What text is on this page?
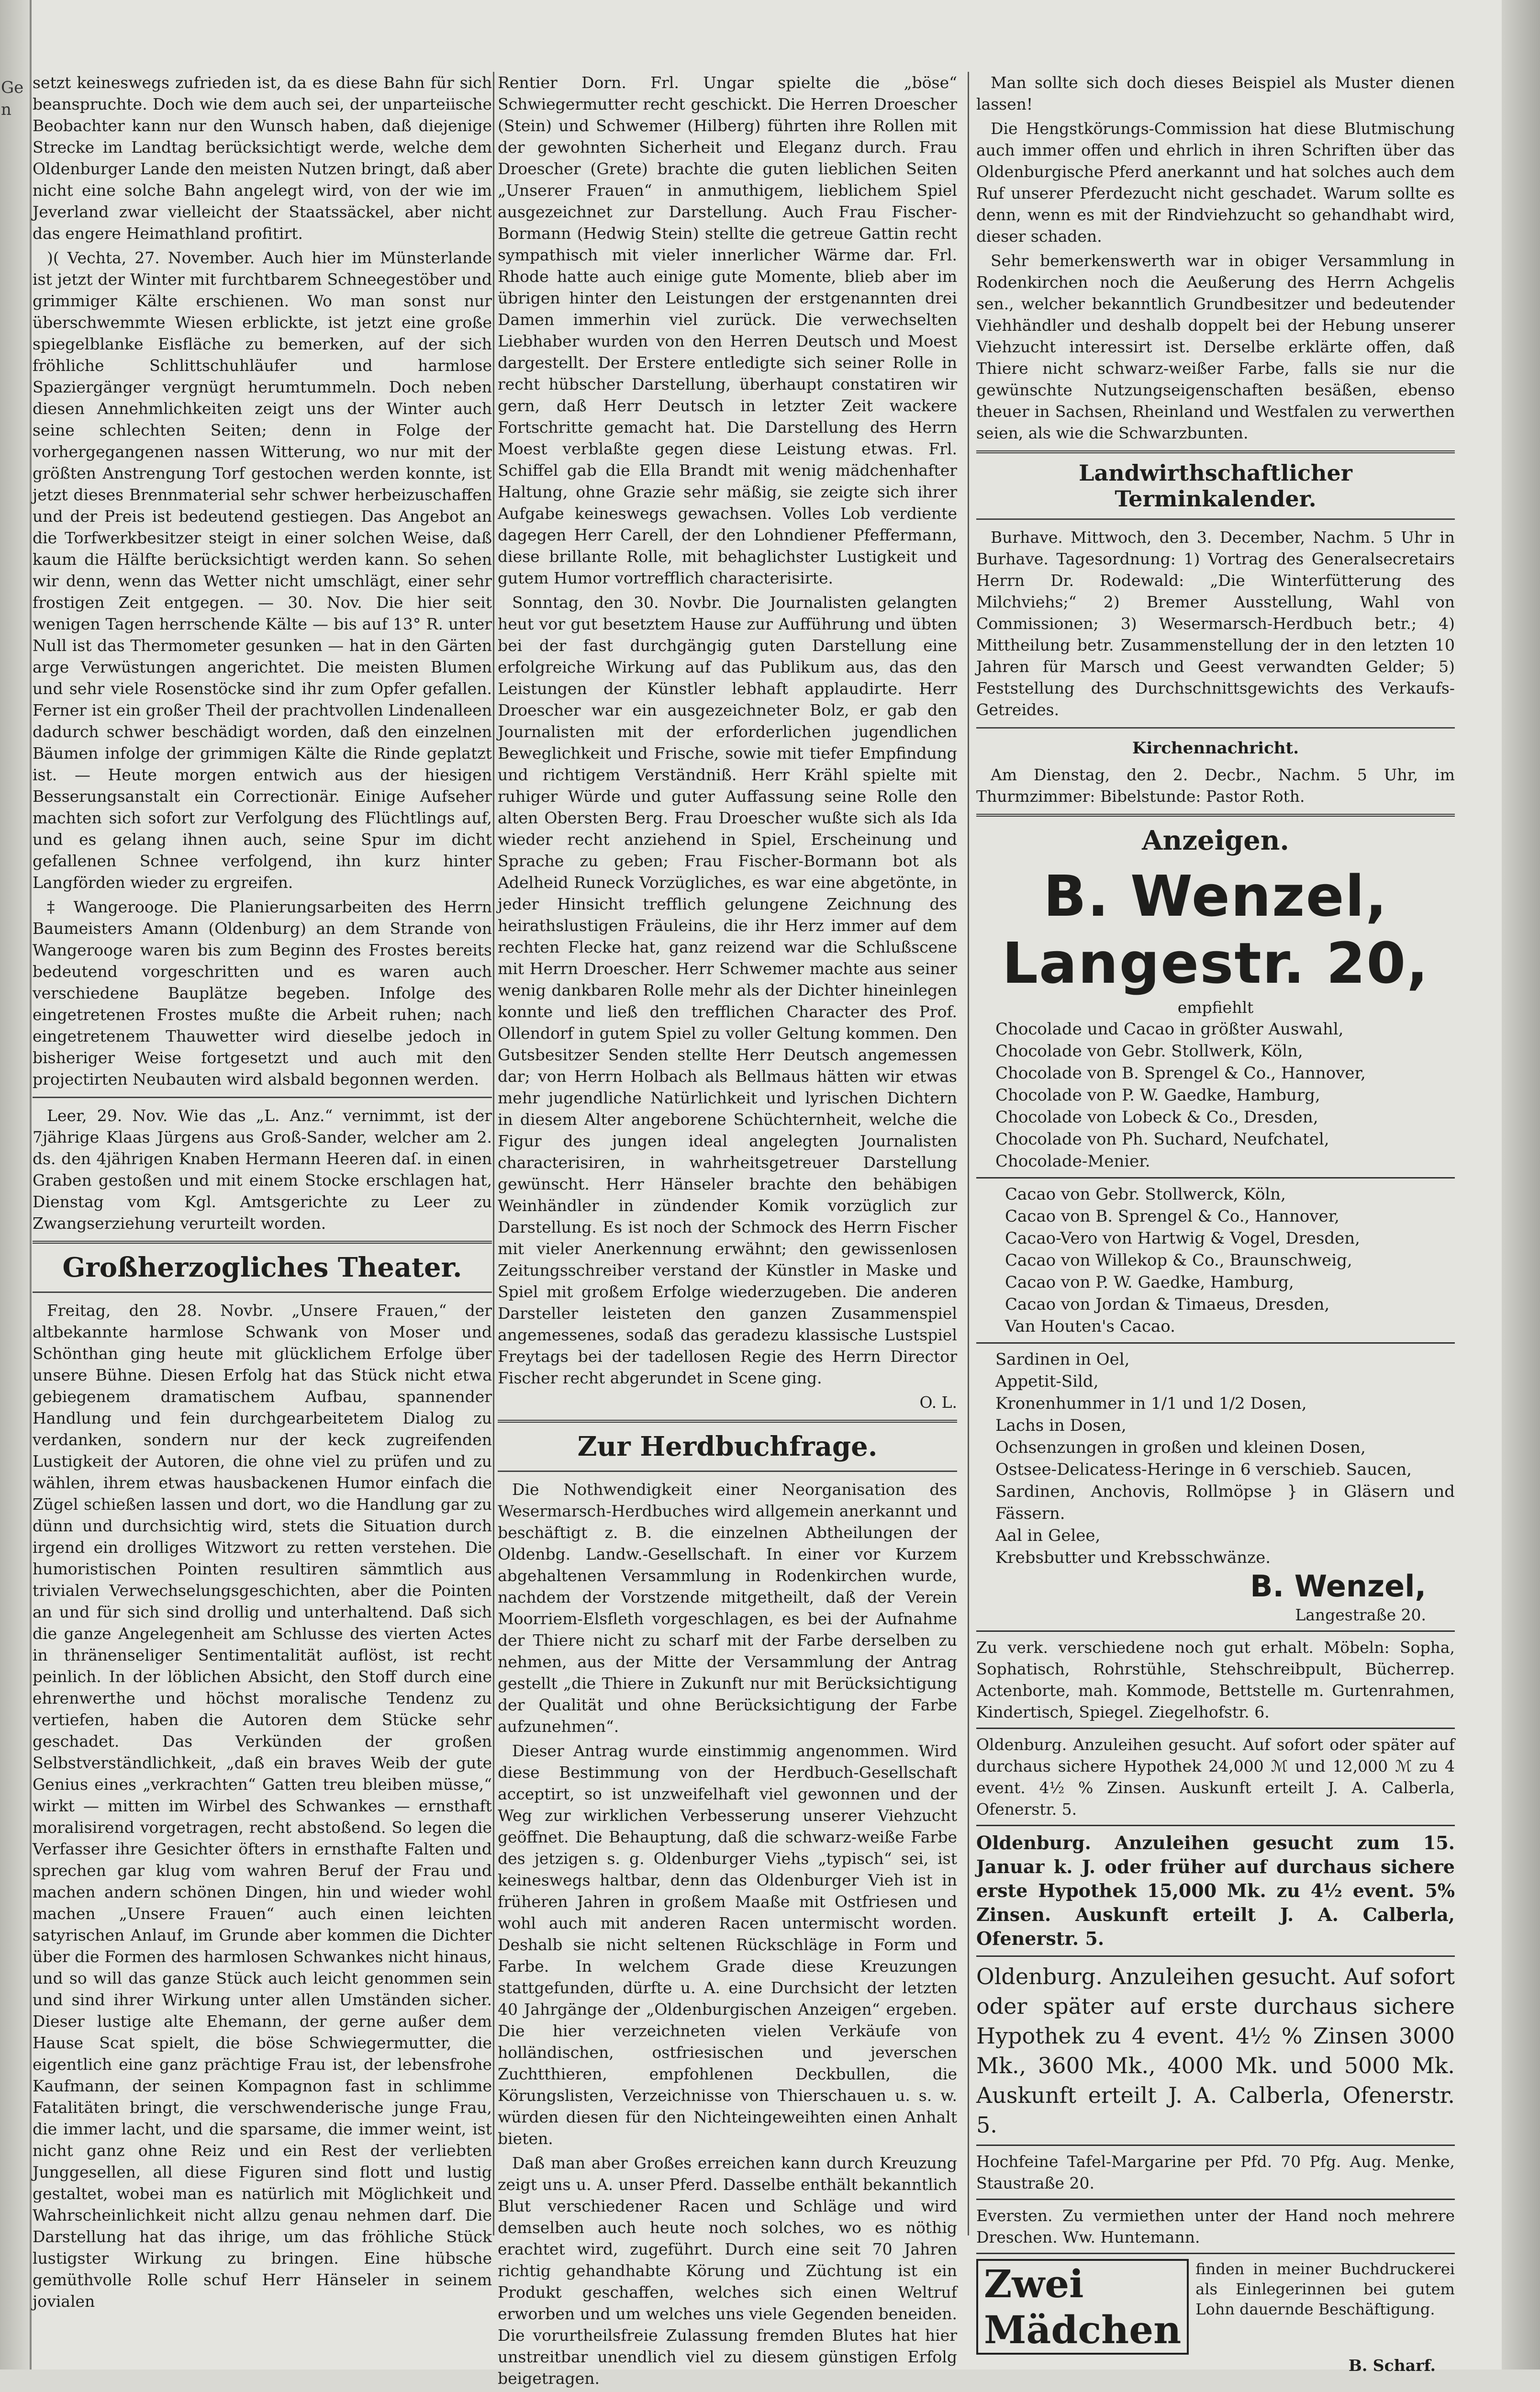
Gen

setzt keineswegs zufrieden ist, da es diese Bahn für sich beanspruchte. Doch wie dem auch sei, der unparteiische Beobachter kann nur den Wunsch haben, daß diejenige Strecke im Landtag berücksichtigt werde, welche dem Oldenburger Lande den meisten Nutzen bringt, daß aber nicht eine solche Bahn angelegt wird, von der wie im Jeverland zwar vielleicht der Staatssäckel, aber nicht das engere Heimathland profitirt.

)( Vechta, 27. November. Auch hier im Münsterlande ist jetzt der Winter mit furchtbarem Schneegestöber und grimmiger Kälte erschienen. Wo man sonst nur überschwemmte Wiesen erblickte, ist jetzt eine große spiegelblanke Eisfläche zu bemerken, auf der sich fröhliche Schlittschuhläufer und harmlose Spaziergänger vergnügt herumtummeln. Doch neben diesen Annehmlichkeiten zeigt uns der Winter auch seine schlechten Seiten; denn in Folge der vorhergegangenen nassen Witterung, wo nur mit der größten Anstrengung Torf gestochen werden konnte, ist jetzt dieses Brennmaterial sehr schwer herbeizuschaffen und der Preis ist bedeutend gestiegen. Das Angebot an die Torfwerkbesitzer steigt in einer solchen Weise, daß kaum die Hälfte berücksichtigt werden kann. So sehen wir denn, wenn das Wetter nicht umschlägt, einer sehr frostigen Zeit entgegen. — 30. Nov. Die hier seit wenigen Tagen herrschende Kälte — bis auf 13° R. unter Null ist das Thermometer gesunken — hat in den Gärten arge Verwüstungen angerichtet. Die meisten Blumen und sehr viele Rosenstöcke sind ihr zum Opfer gefallen. Ferner ist ein großer Theil der prachtvollen Lindenalleen dadurch schwer beschädigt worden, daß den einzelnen Bäumen infolge der grimmigen Kälte die Rinde geplatzt ist. — Heute morgen entwich aus der hiesigen Besserungsanstalt ein Correctionär. Einige Aufseher machten sich sofort zur Verfolgung des Flüchtlings auf, und es gelang ihnen auch, seine Spur im dicht gefallenen Schnee verfolgend, ihn kurz hinter Langförden wieder zu ergreifen.

‡ Wangerooge. Die Planierungsarbeiten des Herrn Baumeisters Amann (Oldenburg) an dem Strande von Wangerooge waren bis zum Beginn des Frostes bereits bedeutend vorgeschritten und es waren auch verschiedene Bauplätze begeben. Infolge des eingetretenen Frostes mußte die Arbeit ruhen; nach eingetretenem Thauwetter wird dieselbe jedoch in bisheriger Weise fortgesetzt und auch mit den projectirten Neubauten wird alsbald begonnen werden.

Leer, 29. Nov. Wie das „L. Anz.“ vernimmt, ist der 7jährige Klaas Jürgens aus Groß-Sander, welcher am 2. ds. den 4jährigen Knaben Hermann Heeren daſ. in einen Graben gestoßen und mit einem Stocke erschlagen hat, Dienstag vom Kgl. Amtsgerichte zu Leer zu Zwangserziehung verurteilt worden.

Großherzogliches Theater.

Freitag, den 28. Novbr. „Unsere Frauen,“ der altbekannte harmlose Schwank von Moser und Schönthan ging heute mit glücklichem Erfolge über unsere Bühne. Diesen Erfolg hat das Stück nicht etwa gebiegenem dramatischem Aufbau, spannender Handlung und fein durchgearbeitetem Dialog zu verdanken, sondern nur der keck zugreifenden Lustigkeit der Autoren, die ohne viel zu prüfen und zu wählen, ihrem etwas hausbackenen Humor einfach die Zügel schießen lassen und dort, wo die Handlung gar zu dünn und durchsichtig wird, stets die Situation durch irgend ein drolliges Witzwort zu retten verstehen. Die humoristischen Pointen resultiren sämmtlich aus trivialen Verwechselungsgeschichten, aber die Pointen an und für sich sind drollig und unterhaltend. Daß sich die ganze Angelegenheit am Schlusse des vierten Actes in thränenseliger Sentimentalität auflöst, ist recht peinlich. In der löblichen Absicht, den Stoff durch eine ehrenwerthe und höchst moralische Tendenz zu vertiefen, haben die Autoren dem Stücke sehr geschadet. Das Verkünden der großen Selbstverständlichkeit, „daß ein braves Weib der gute Genius eines „verkrachten“ Gatten treu bleiben müsse,“ wirkt — mitten im Wirbel des Schwankes — ernsthaft moralisirend vorgetragen, recht abstoßend. So legen die Verfasser ihre Gesichter öfters in ernsthafte Falten und sprechen gar klug vom wahren Beruf der Frau und machen andern schönen Dingen, hin und wieder wohl machen „Unsere Frauen“ auch einen leichten satyrischen Anlauf, im Grunde aber kommen die Dichter über die Formen des harmlosen Schwankes nicht hinaus, und so will das ganze Stück auch leicht genommen sein und sind ihrer Wirkung unter allen Umständen sicher. Dieser lustige alte Ehemann, der gerne außer dem Hause Scat spielt, die böse Schwiegermutter, die eigentlich eine ganz prächtige Frau ist, der lebensfrohe Kaufmann, der seinen Kompagnon fast in schlimme Fatalitäten bringt, die verschwenderische junge Frau, die immer lacht, und die sparsame, die immer weint, ist nicht ganz ohne Reiz und ein Rest der verliebten Junggesellen, all diese Figuren sind flott und lustig gestaltet, wobei man es natürlich mit Möglichkeit und Wahrscheinlichkeit nicht allzu genau nehmen darf. Die Darstellung hat das ihrige, um das fröhliche Stück lustigster Wirkung zu bringen. Eine hübsche gemüthvolle Rolle schuf Herr Hänseler in seinem jovialen

Rentier Dorn. Frl. Ungar spielte die „böse“ Schwiegermutter recht geschickt. Die Herren Droescher (Stein) und Schwemer (Hilberg) führten ihre Rollen mit der gewohnten Sicherheit und Eleganz durch. Frau Droescher (Grete) brachte die guten lieblichen Seiten „Unserer Frauen“ in anmuthigem, lieblichem Spiel ausgezeichnet zur Darstellung. Auch Frau Fischer-Bormann (Hedwig Stein) stellte die getreue Gattin recht sympathisch mit vieler innerlicher Wärme dar. Frl. Rhode hatte auch einige gute Momente, blieb aber im übrigen hinter den Leistungen der erstgenannten drei Damen immerhin viel zurück. Die verwechselten Liebhaber wurden von den Herren Deutsch und Moest dargestellt. Der Erstere entledigte sich seiner Rolle in recht hübscher Darstellung, überhaupt constatiren wir gern, daß Herr Deutsch in letzter Zeit wackere Fortschritte gemacht hat. Die Darstellung des Herrn Moest verblaßte gegen diese Leistung etwas. Frl. Schiffel gab die Ella Brandt mit wenig mädchenhafter Haltung, ohne Grazie sehr mäßig, sie zeigte sich ihrer Aufgabe keineswegs gewachsen. Volles Lob verdiente dagegen Herr Carell, der den Lohndiener Pfeffermann, diese brillante Rolle, mit behaglichster Lustigkeit und gutem Humor vortrefflich characterisirte.

Sonntag, den 30. Novbr. Die Journalisten gelangten heut vor gut besetztem Hause zur Aufführung und übten bei der fast durchgängig guten Darstellung eine erfolgreiche Wirkung auf das Publikum aus, das den Leistungen der Künstler lebhaft applaudirte. Herr Droescher war ein ausgezeichneter Bolz, er gab den Journalisten mit der erforderlichen jugendlichen Beweglichkeit und Frische, sowie mit tiefer Empfindung und richtigem Verständniß. Herr Krähl spielte mit ruhiger Würde und guter Auffassung seine Rolle den alten Obersten Berg. Frau Droescher wußte sich als Ida wieder recht anziehend in Spiel, Erscheinung und Sprache zu geben; Frau Fischer-Bormann bot als Adelheid Runeck Vorzügliches, es war eine abgetönte, in jeder Hinsicht trefflich gelungene Zeichnung des heirathslustigen Fräuleins, die ihr Herz immer auf dem rechten Flecke hat, ganz reizend war die Schlußscene mit Herrn Droescher. Herr Schwemer machte aus seiner wenig dankbaren Rolle mehr als der Dichter hineinlegen konnte und ließ den trefflichen Character des Prof. Ollendorf in gutem Spiel zu voller Geltung kommen. Den Gutsbesitzer Senden stellte Herr Deutsch angemessen dar; von Herrn Holbach als Bellmaus hätten wir etwas mehr jugendliche Natürlichkeit und lyrischen Dichtern in diesem Alter angeborene Schüchternheit, welche die Figur des jungen ideal angelegten Journalisten characterisiren, in wahrheitsgetreuer Darstellung gewünscht. Herr Hänseler brachte den behäbigen Weinhändler in zündender Komik vorzüglich zur Darstellung. Es ist noch der Schmock des Herrn Fischer mit vieler Anerkennung erwähnt; den gewissenlosen Zeitungsschreiber verstand der Künstler in Maske und Spiel mit großem Erfolge wiederzugeben. Die anderen Darsteller leisteten den ganzen Zusammenspiel angemessenes, sodaß das geradezu klassische Lustspiel Freytags bei der tadellosen Regie des Herrn Director Fischer recht abgerundet in Scene ging.

O. L.
Zur Herdbuchfrage.

Die Nothwendigkeit einer Neorganisation des Wesermarsch-Herdbuches wird allgemein anerkannt und beschäftigt z. B. die einzelnen Abtheilungen der Oldenbg. Landw.-Gesellschaft. In einer vor Kurzem abgehaltenen Versammlung in Rodenkirchen wurde, nachdem der Vorstzende mitgetheilt, daß der Verein Moorriem-Elsfleth vorgeschlagen, es bei der Aufnahme der Thiere nicht zu scharf mit der Farbe derselben zu nehmen, aus der Mitte der Versammlung der Antrag gestellt „die Thiere in Zukunft nur mit Berücksichtigung der Qualität und ohne Berücksichtigung der Farbe aufzunehmen“.

Dieser Antrag wurde einstimmig angenommen. Wird diese Bestimmung von der Herdbuch-Gesellschaft acceptirt, so ist unzweifelhaft viel gewonnen und der Weg zur wirklichen Verbesserung unserer Viehzucht geöffnet. Die Behauptung, daß die schwarz-weiße Farbe des jetzigen s. g. Oldenburger Viehs „typisch“ sei, ist keineswegs haltbar, denn das Oldenburger Vieh ist in früheren Jahren in großem Maaße mit Ostfriesen und wohl auch mit anderen Racen untermischt worden. Deshalb sie nicht seltenen Rückschläge in Form und Farbe. In welchem Grade diese Kreuzungen stattgefunden, dürfte u. A. eine Durchsicht der letzten 40 Jahrgänge der „Oldenburgischen Anzeigen“ ergeben. Die hier verzeichneten vielen Verkäufe von holländischen, ostfriesischen und jeverschen Zuchtthieren, empfohlenen Deckbullen, die Körungslisten, Verzeichnisse von Thierschauen u. s. w. würden diesen für den Nichteingeweihten einen Anhalt bieten.

Daß man aber Großes erreichen kann durch Kreuzung zeigt uns u. A. unser Pferd. Dasselbe enthält bekanntlich Blut verschiedener Racen und Schläge und wird demselben auch heute noch solches, wo es nöthig erachtet wird, zugeführt. Durch eine seit 70 Jahren richtig gehandhabte Körung und Züchtung ist ein Produkt geschaffen, welches sich einen Weltruf erworben und um welches uns viele Gegenden beneiden. Die vorurtheilsfreie Zulassung fremden Blutes hat hier unstreitbar unendlich viel zu diesem günstigen Erfolg beigetragen.

Man sollte sich doch dieses Beispiel als Muster dienen lassen!

Die Hengstkörungs-Commission hat diese Blutmischung auch immer offen und ehrlich in ihren Schriften über das Oldenburgische Pferd anerkannt und hat solches auch dem Ruf unserer Pferdezucht nicht geschadet. Warum sollte es denn, wenn es mit der Rindviehzucht so gehandhabt wird, dieser schaden.

Sehr bemerkenswerth war in obiger Versammlung in Rodenkirchen noch die Aeußerung des Herrn Achgelis sen., welcher bekanntlich Grundbesitzer und bedeutender Viehhändler und deshalb doppelt bei der Hebung unserer Viehzucht interessirt ist. Derselbe erklärte offen, daß Thiere nicht schwarz-weißer Farbe, falls sie nur die gewünschte Nutzungseigenschaften besäßen, ebenso theuer in Sachsen, Rheinland und Westfalen zu verwerthen seien, als wie die Schwarzbunten.

Landwirthschaftlicher Terminkalender.

Burhave. Mittwoch, den 3. December, Nachm. 5 Uhr in Burhave. Tagesordnung: 1) Vortrag des Generalsecretairs Herrn Dr. Rodewald: „Die Winterfütterung des Milchviehs;“ 2) Bremer Ausstellung, Wahl von Commissionen; 3) Wesermarsch-Herdbuch betr.; 4) Mittheilung betr. Zusammenstellung der in den letzten 10 Jahren für Marsch und Geest verwandten Gelder; 5) Feststellung des Durchschnittsgewichts des Verkaufs-Getreides.

Kirchennachricht.

Am Dienstag, den 2. Decbr., Nachm. 5 Uhr, im Thurmzimmer: Bibelstunde: Pastor Roth.

Anzeigen.
B. Wenzel, Langestr. 20,
empfiehlt
Chocolade und Cacao in größter Auswahl,
Chocolade von Gebr. Stollwerk, Köln,
Chocolade von B. Sprengel & Co., Hannover,
Chocolade von P. W. Gaedke, Hamburg,
Chocolade von Lobeck & Co., Dresden,
Chocolade von Ph. Suchard, Neufchatel,
Chocolade-Menier.
Cacao von Gebr. Stollwerck, Köln,
Cacao von B. Sprengel & Co., Hannover,
Cacao-Vero von Hartwig & Vogel, Dresden,
Cacao von Willekop & Co., Braunschweig,
Cacao von P. W. Gaedke, Hamburg,
Cacao von Jordan & Timaeus, Dresden,
Van Houten's Cacao.
Sardinen in Oel,
Appetit-Sild,
Kronenhummer in 1/1 und 1/2 Dosen,
Lachs in Dosen,
Ochsenzungen in großen und kleinen Dosen,
Ostsee-Delicatess-Heringe in 6 verschieb. Saucen,
Sardinen, Anchovis, Rollmöpse } in Gläsern und Fässern.
Aal in Gelee,
Krebsbutter und Krebsschwänze.
B. Wenzel,
Langestraße 20.

Zu verk. verschiedene noch gut erhalt. Möbeln: Sopha, Sophatisch, Rohrstühle, Stehschreibpult, Bücherrep. Actenborte, mah. Kommode, Bettstelle m. Gurtenrahmen, Kindertisch, Spiegel. Ziegelhofstr. 6.

Oldenburg. Anzuleihen gesucht. Auf sofort oder später auf durchaus sichere Hypothek 24,000 ℳ und 12,000 ℳ zu 4 event. 4½ % Zinsen. Auskunft erteilt J. A. Calberla, Ofenerstr. 5.

Oldenburg. Anzuleihen gesucht zum 15. Januar k. J. oder früher auf durchaus sichere erste Hypothek 15,000 Mk. zu 4½ event. 5% Zinsen. Auskunft erteilt J. A. Calberla, Ofenerstr. 5.

Oldenburg. Anzuleihen gesucht. Auf sofort oder später auf erste durchaus sichere Hypothek zu 4 event. 4½ % Zinsen 3000 Mk., 3600 Mk., 4000 Mk. und 5000 Mk. Auskunft erteilt J. A. Calberla, Ofenerstr. 5.

Hochfeine Tafel-Margarine per Pfd. 70 Pfg. Aug. Menke, Staustraße 20.

Eversten. Zu vermiethen unter der Hand noch mehrere Dreschen. Ww. Huntemann.

Zwei Mädchen
finden in meiner Buchdruckerei als Einlegerinnen bei gutem Lohn dauernde Beschäftigung.
B. Scharf.
